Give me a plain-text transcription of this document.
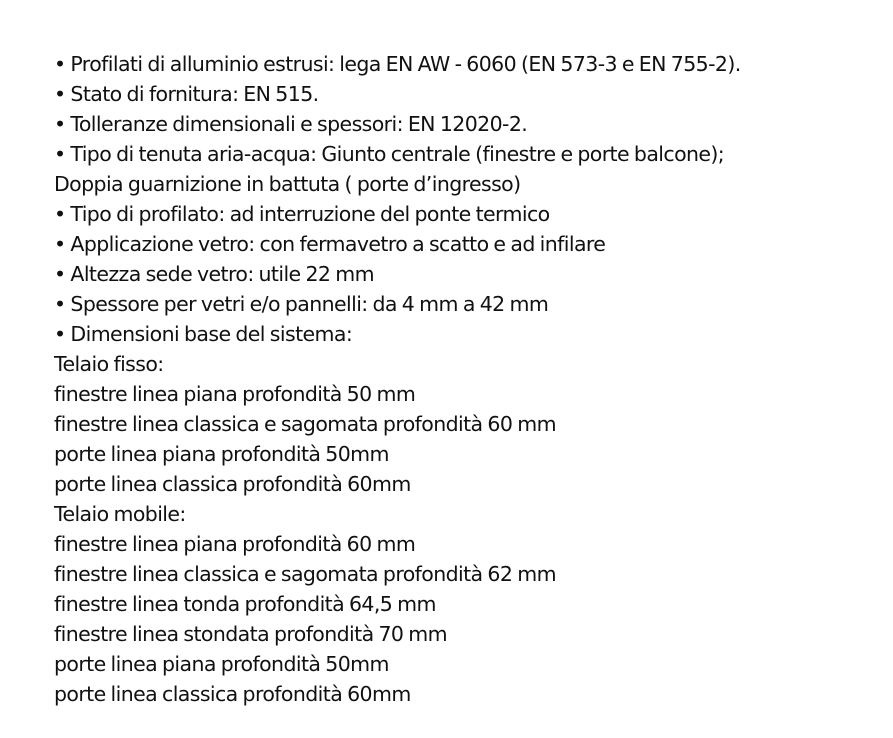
• Profilati di alluminio estrusi: lega EN AW - 6060 (EN 573-3 e EN 755-2).
• Stato di fornitura: EN 515.
• Tolleranze dimensionali e spessori: EN 12020-2.
• Tipo di tenuta aria-acqua: Giunto centrale (finestre e porte balcone);
Doppia guarnizione in battuta ( porte d’ingresso)
• Tipo di profilato: ad interruzione del ponte termico
• Applicazione vetro: con fermavetro a scatto e ad infilare
• Altezza sede vetro: utile 22 mm
• Spessore per vetri e/o pannelli: da 4 mm a 42 mm
• Dimensioni base del sistema:
Telaio fisso:
finestre linea piana profondità 50 mm
finestre linea classica e sagomata profondità 60 mm
porte linea piana profondità 50mm
porte linea classica profondità 60mm
Telaio mobile:
finestre linea piana profondità 60 mm
finestre linea classica e sagomata profondità 62 mm
finestre linea tonda profondità 64,5 mm
finestre linea stondata profondità 70 mm
porte linea piana profondità 50mm
porte linea classica profondità 60mm
